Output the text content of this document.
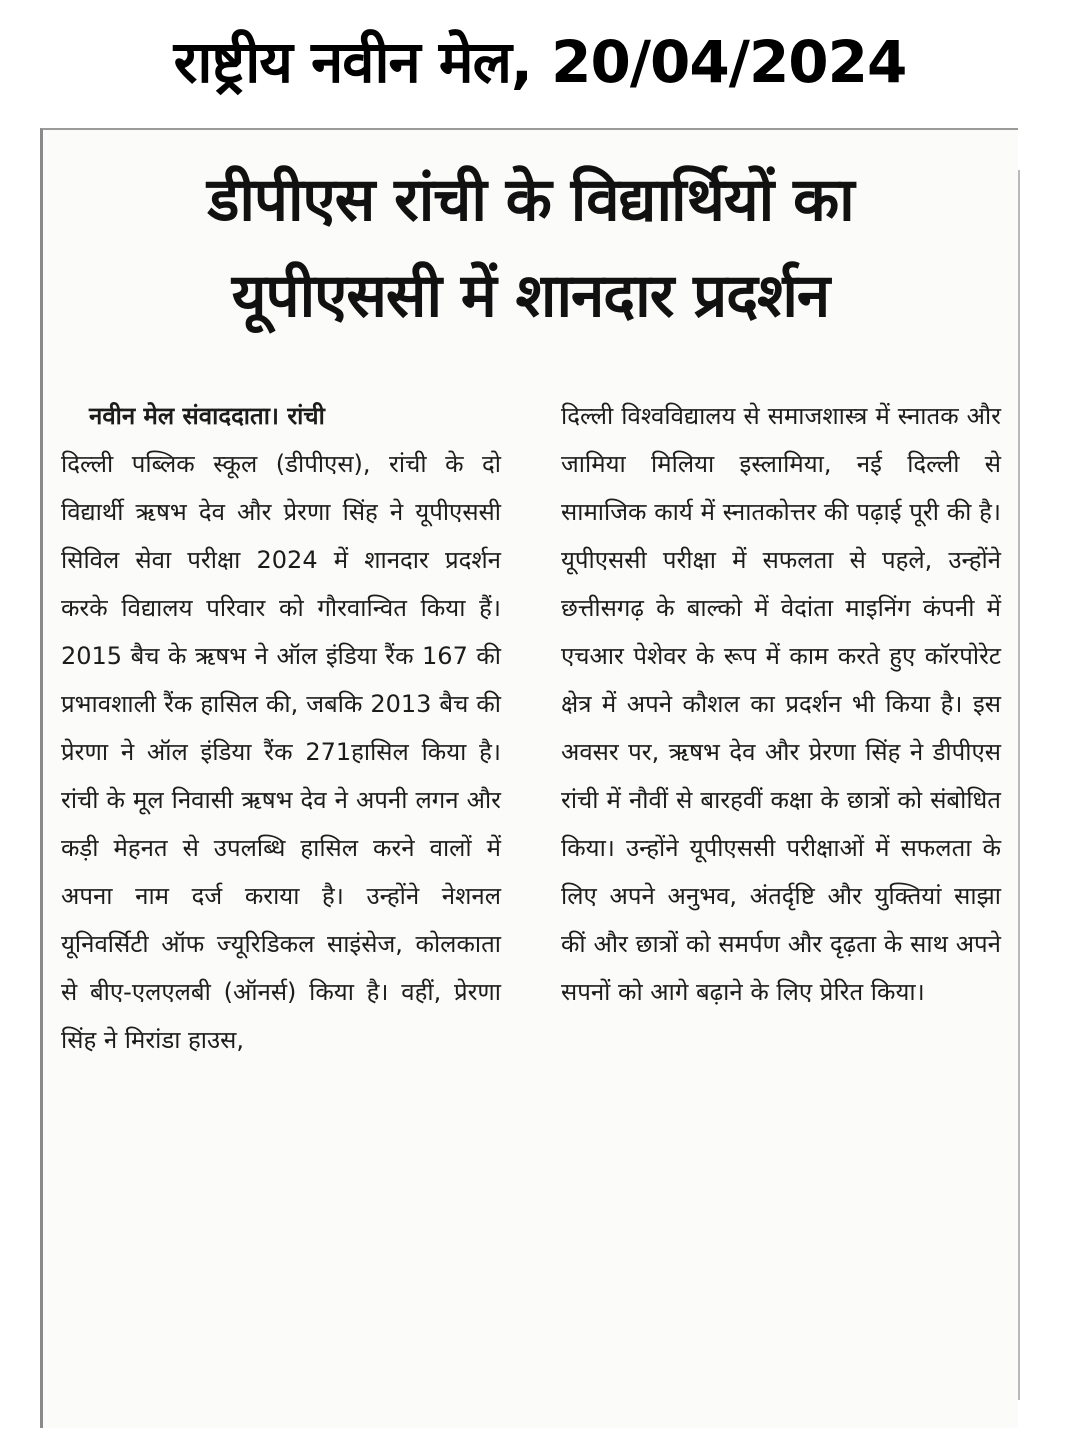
राष्ट्रीय नवीन मेल, 20/04/2024
डीपीएस रांची के विद्यार्थियों का
यूपीएससी में शानदार प्रदर्शन
नवीन मेल संवाददाता। रांची

दिल्ली पब्लिक स्कूल (डीपीएस), रांची के दो विद्यार्थी ऋषभ देव और प्रेरणा सिंह ने यूपीएससी सिविल सेवा परीक्षा 2024 में शानदार प्रदर्शन करके विद्यालय परिवार को गौरवान्वित किया हैं। 2015 बैच के ऋषभ ने ऑल इंडिया रैंक 167 की प्रभावशाली रैंक हासिल की, जबकि 2013 बैच की प्रेरणा ने ऑल इंडिया रैंक 271हासिल किया है। रांची के मूल निवासी ऋषभ देव ने अपनी लगन और कड़ी मेहनत से उपलब्धि हासिल करने वालों में अपना नाम दर्ज कराया है। उन्होंने नेशनल यूनिवर्सिटी ऑफ ज्यूरिडिकल साइंसेज, कोलकाता से बीए-एलएलबी (ऑनर्स) किया है। वहीं, प्रेरणा सिंह ने मिरांडा हाउस,

दिल्ली विश्वविद्यालय से समाजशास्त्र में स्नातक और जामिया मिलिया इस्लामिया, नई दिल्ली से सामाजिक कार्य में स्नातकोत्तर की पढ़ाई पूरी की है। यूपीएससी परीक्षा में सफलता से पहले, उन्होंने छत्तीसगढ़ के बाल्को में वेदांता माइनिंग कंपनी में एचआर पेशेवर के रूप में काम करते हुए कॉरपोरेट क्षेत्र में अपने कौशल का प्रदर्शन भी किया है। इस अवसर पर, ऋषभ देव और प्रेरणा सिंह ने डीपीएस रांची में नौवीं से बारहवीं कक्षा के छात्रों को संबोधित किया। उन्होंने यूपीएससी परीक्षाओं में सफलता के लिए अपने अनुभव, अंतर्दृष्टि और युक्तियां साझा कीं और छात्रों को समर्पण और दृढ़ता के साथ अपने सपनों को आगे बढ़ाने के लिए प्रेरित किया।
